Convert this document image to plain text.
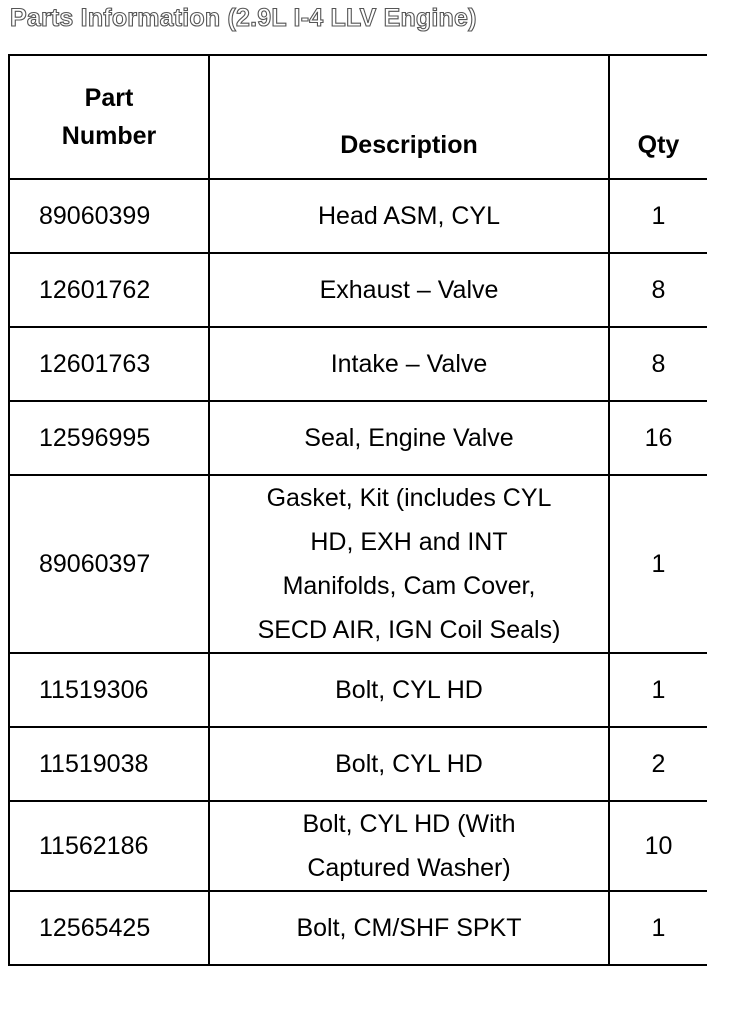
Parts Information (2.9L I-4 LLV Engine)
Part
Number	Description	Qty
89060399	Head ASM, CYL	1
12601762	Exhaust – Valve	8
12601763	Intake – Valve	8
12596995	Seal, Engine Valve	16
89060397	Gasket, Kit (includes CYL
HD, EXH and INT
Manifolds, Cam Cover,
SECD AIR, IGN Coil Seals)	1
11519306	Bolt, CYL HD	1
11519038	Bolt, CYL HD	2
11562186	Bolt, CYL HD (With
Captured Washer)	10
12565425	Bolt, CM/SHF SPKT	1
